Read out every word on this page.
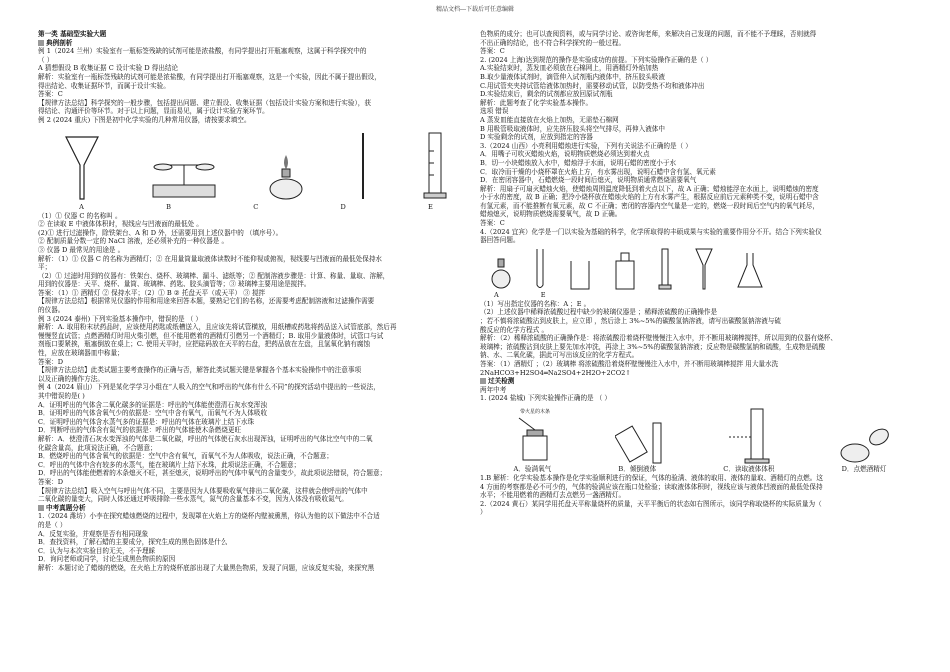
精品文档---下载后可任意编辑
第一类 基础型实验大题
典例剖析
例 1（2024 兰州）实验室有一瓶标签残缺的试剂可能是浓盐酸，有同学提出打开瓶塞观察，这属于科学探究中的
（ ）
A 猜想假设 B 收集证据 C 设计实验 D 得出结论
解析：实验室有一瓶标签残缺的试剂可能是浓盐酸，有同学提出打开瓶塞观察，这是一个实验，因此不属于提出假设，
得出结论、收集证据环节，而属于设计实验。
答案：C
【规律方法总结】科学探究的一般步骤，包括提出问题、建立假设、收集证据（包括设计实验方案和进行实验），获
得结论、沟通评价等环节。对于以上问题，显而易见，属于设计实验方案环节。
例 2 (2024 重庆) 下图是初中化学实验的几种常用仪器，请按要求填空。
A	B	C	D	E
（1）① 仪器 C 的名称叫 。
② 在读取 E 中液体体积时，视线应与凹液面的最低处 。
(2)① 进行过滤操作，除铁架台、A 和 D 外，还需要用到上述仪器中的 （填序号）。
② 配制质量分数一定的 NaCl 溶液，还必须补充的一种仪器是 。
③ 仪器 D 最常见的用途是 。
解析：（1）① 仪器 C 的名称为酒精灯；② 在用量筒量取液体读数时不能仰视或俯视，视线要与凹液面的最低处保持水
平；
（2）① 过滤时用到的仪器有：铁架台、烧杯、玻璃棒、漏斗、滤纸等；② 配制溶液步骤是：计算、称量、量取、溶解，
用到的仪器是：天平、烧杯、量筒、玻璃棒、药匙、胶头滴管等；③ 玻璃棒主要用途是搅拌。
答案：（1）① 酒精灯 ② 保持水平；（2）① B ② 托盘天平（或天平） ③ 搅拌
【规律方法总结】根据常见仪器的作用和用途来回答本题，要熟记它们的名称，还需要考虑配制溶液和过滤操作需要
的仪器。
例 3 (2024 泰州) 下列实验基本操作中，错误的是 （ ）
解析：A. 取用粉末状药品时，应该使用药匙或纸槽送入，且应该先将试管横放，用纸槽或药匙将药品送入试管底部，然后再
慢慢竖直试管；点燃酒精灯时用火柴引燃，但不能用燃着的酒精灯引燃另一个酒精灯；B. 取用少量液体时，试管口与试
剂瓶口要紧挨，瓶塞倒放在桌上；C. 使用天平时，应把砝码放在天平的右盘，把药品放在左盘，且氢氧化钠有腐蚀
性，应放在玻璃器皿中称量；
答案：D
【规律方法总结】此类试题主要考查操作的正确与否，解答此类试题关键是掌握各个基本实验操作中的注意事项
以及正确的操作方法。
例 4（2024 眉山）下列是某化学学习小组在“人吸入的空气和呼出的气体有什么不同”的探究活动中提出的一些说法，
其中错误的是( )
A．证明呼出的气体含二氧化碳多的证据是：呼出的气体能使澄清石灰水变浑浊
B．证明呼出的气体含氧气少的依据是：空气中含有氧气，而氧气不为人体吸收
C．证明呼出的气体含水蒸气多的证据是：呼出的气体在玻璃片上结下水珠
D．判断呼出的气体含有氮气的依据是：呼出的气体能使木条燃烧更旺
解析：A．使澄清石灰水变浑浊的气体是二氧化碳，呼出的气体使石灰水出现浑浊，证明呼出的气体比空气中的二氧
化碳含量高，此项说法正确，不合题意；
B．燃烧呼出的气体含氧气的依据是：空气中含有氧气，而氧气不为人体吸收，说法正确，不合题意；
C．呼出的气体中含有较多的水蒸气，能在玻璃片上结下水珠，此项说法正确，不合题意；
D．呼出的气体能使燃着的木条熄灭不旺，甚至熄灭，说明呼出的气体中氧气的含量变少，故此项说法错误，符合题意；
答案：D
【规律方法总结】吸入空气与呼出气体不同，主要是因为人体要吸收氧气排出二氧化碳，这样就会使呼出的气体中
二氧化碳的量变大，同时人体还通过呼吸排除一些水蒸气，氮气的含量基本不变，因为人体没有吸收氮气。
中考真题分析
1.（2024 潍坊）小李在探究蜡烛燃烧的过程中，发现罩在火焰上方的烧杯内壁被熏黑，你认为他的以下做法中不合适
的是（ ）
A．反复实验，并观察是否有相同现象
B．查找资料，了解石蜡的主要成分，探究生成的黑色固体是什么
C．认为与本次实验目的无关，不予理睬
D．询问老师或同学，讨论生成黑色物质的原因
解析：本题讨论了蜡烛的燃烧，在火焰上方的烧杯底部出现了大量黑色物质，发现了问题，应该反复实验，来探究黑
色物质的成分；也可以查阅资料，或与同学讨论、或咨询老师，来解决自己发现的问题，而不能不予理睬，否则就得
不出正确的结论，也不符合科学探究的一般过程。
答案：C
2. (2024 上海)达到规范的操作是实验成功的前提。下列实验操作正确的是（ ）
A.实验结束时，蒸发皿必须放在石棉网上，用酒精灯外焰加热
B.取少量液体试剂时，滴管伸入试剂瓶内液体中，挤压胶头吸液
C.用试管夹夹持试管给液体加热时，需要移动试管，以防受热不均和液体冲出
D.实验结束后，剩余的试剂都应放回原试剂瓶
解析：此题考查了化学实验基本操作。
选项 错误
A 蒸发皿能直接放在火焰上加热，无需垫石棉网
B 用吸管吸取液体时，应先挤压胶头将空气排尽，再伸入液体中
D 实验剩余的试剂，应放到指定的容器
3.（2024 山西）小亮利用蜡烛进行实验，下列有关说法不正确的是（ ）
A．用嘴子可吹灭蜡烛火焰，说明物质燃烧必须达到着火点
B．切一小块蜡烛放入水中，蜡烛浮于水面，说明石蜡的密度小于水
C．取冷而干燥的小烧杯罩在火焰上方，有水雾出现，说明石蜡中含有氢、氧元素
D．在密闭容器中，石蜡燃烧一段时间后熄灭，说明物质通常燃烧需要氧气
解析：用扇子可扇灭蜡烛火焰，使蜡烛周围温度降低到着火点以下，故 A 正确；蜡烛能浮在水面上，说明蜡烛的密度
小于水的密度，故 B 正确；把冷小烧杯放在蜡烛火焰的上方有水雾产生，根据反应前后元素种类不变，说明石蜡中含
有氢元素，而不能推断有氧元素，故 C 不正确；密闭的容器内空气量是一定的，燃烧一段时间后空气内的氧气耗尽，
蜡烛熄灭，说明物质燃烧需要氧气，故 D 正确。
答案：C
4.（2024 宜宾）化学是一门以实验为基础的科学，化学所取得的丰硕成果与实验的重要作用分不开。结合下列实验仪
器回答问题。
A	E
（1）写出指定仪器的名称：A ；E 。
（2）上述仪器中稀释浓硫酸过程中缺少的玻璃仪器是 ；稀释浓硫酸的正确操作是
；若不慎将浓硫酸沾到皮肤上，应立即 ，然后涂上 3%~5%的碳酸氢钠溶液，请写出碳酸氢钠溶液与硫
酸反应的化学方程式 。
解析：（2）稀释浓硫酸的正确操作是：将浓硫酸沿着烧杯壁慢慢注入水中，并不断用玻璃棒搅拌，所以用到的仪器有烧杯、
玻璃棒；浓硫酸沾到皮肤上要先加水冲洗，再涂上 3%~5%的碳酸氢钠溶液；反应物是碳酸氢钠和硫酸，生成物是硫酸
钠、水、二氧化碳，据此可写出该反应的化学方程式。
答案：（1）酒精灯 ；（2）玻璃棒 将浓硫酸沿着烧杯壁慢慢注入水中，并不断用玻璃棒搅拌 用大量水洗
2NaHCO3+H2SO4═Na2SO4+2H2O+2CO2↑
过关检测
两年中考
1. (2024 盐城) 下列实验操作正确的是 （ ）
带火星的木条
A．验满氧气	B．倾倒液体	C．读取液体体积	D．点燃酒精灯
1.B 解析：化学实验基本操作是化学实验顺利进行的保证，气体的验满、液体的取用、液体的量取、酒精灯的点燃。这
4 方面的考察都是必不可少的，气体的验满应该在瓶口处检验；读取液体体积时，视线应该与液体凹液面的最低处保持
水平；不能用燃着的酒精灯去点燃另一盏酒精灯。
2.（2024 黄石）某同学用托盘天平称量烧杯的质量，天平平衡后的状态如右图所示，该同学称取烧杯的实际质量为（
）
